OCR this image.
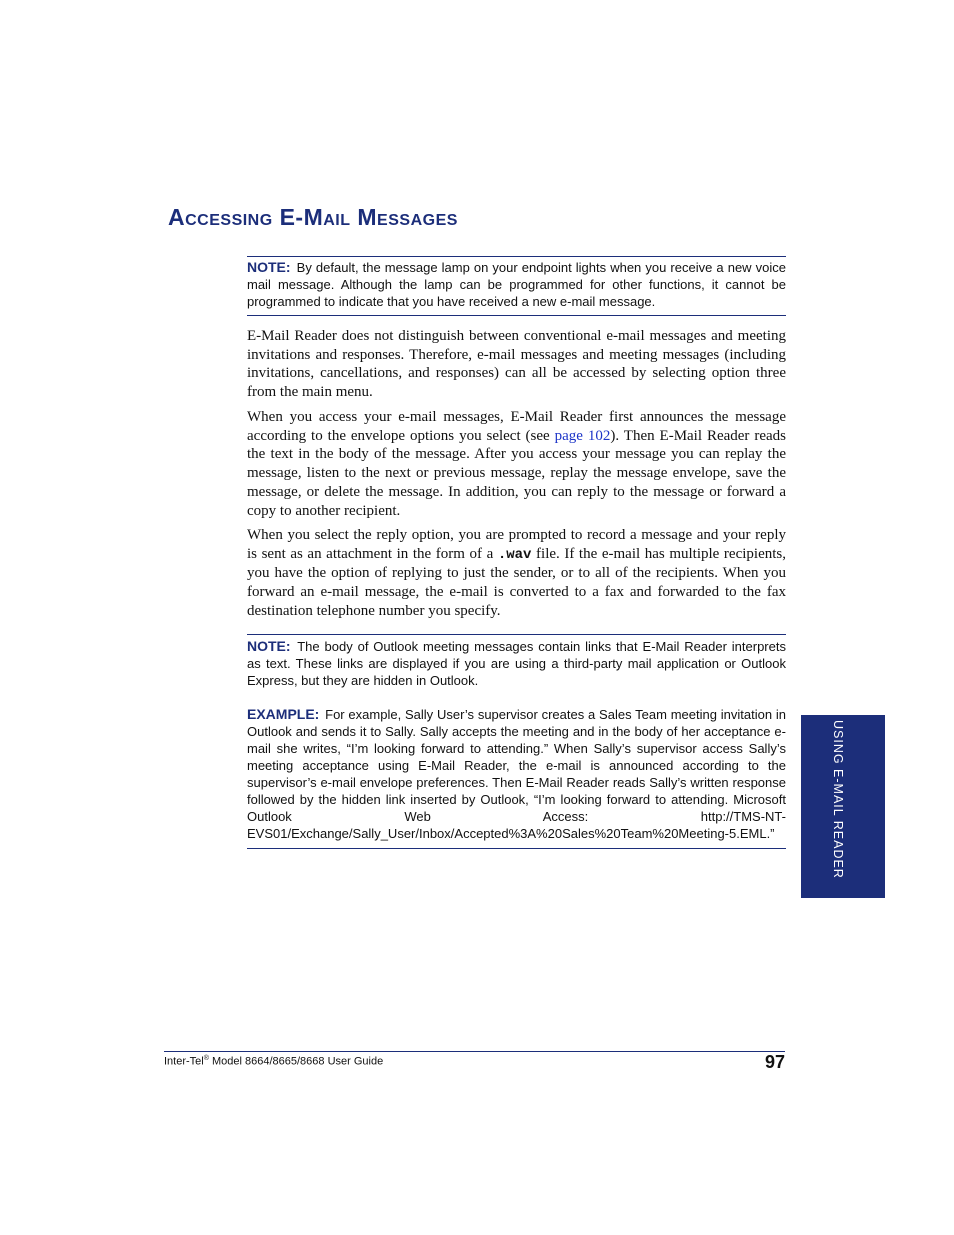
Accessing E-Mail Messages

NOTE: By default, the message lamp on your endpoint lights when you receive a new voice mail message. Although the lamp can be programmed for other functions, it cannot be programmed to indicate that you have received a new e-mail message.

E-Mail Reader does not distinguish between conventional e-mail messages and meeting invitations and responses. Therefore, e-mail messages and meeting messages (including invitations, cancellations, and responses) can all be accessed by selecting option three from the main menu.

When you access your e-mail messages, E-Mail Reader first announces the message according to the envelope options you select (see page 102). Then E-Mail Reader reads the text in the body of the message. After you access your message you can replay the message, listen to the next or previous message, replay the message envelope, save the message, or delete the message. In addition, you can reply to the message or forward a copy to another recipient.

When you select the reply option, you are prompted to record a message and your reply is sent as an attachment in the form of a .wav file. If the e-mail has multiple recipients, you have the option of replying to just the sender, or to all of the recipients. When you forward an e-mail message, the e-mail is converted to a fax and forwarded to the fax destination telephone number you specify.

NOTE: The body of Outlook meeting messages contain links that E-Mail Reader interprets as text. These links are displayed if you are using a third-party mail application or Outlook Express, but they are hidden in Outlook.

EXAMPLE: For example, Sally User’s supervisor creates a Sales Team meeting invitation in Outlook and sends it to Sally. Sally accepts the meeting and in the body of her acceptance e-mail she writes, “I’m looking forward to attending.” When Sally’s supervisor access Sally’s meeting acceptance using E-Mail Reader, the e-mail is announced according to the supervisor’s e-mail envelope preferences. Then E-Mail Reader reads Sally’s written response followed by the hidden link inserted by Outlook, “I’m looking forward to attending. Microsoft Outlook Web Access: http://TMS-NT-EVS01/Exchange/Sally_User/Inbox/Accepted%3A%20Sales%20Team%20Meeting-5.EML.”	USING E-MAIL READER

Inter-Tel® Model 8664/8665/8668 User Guide	97
